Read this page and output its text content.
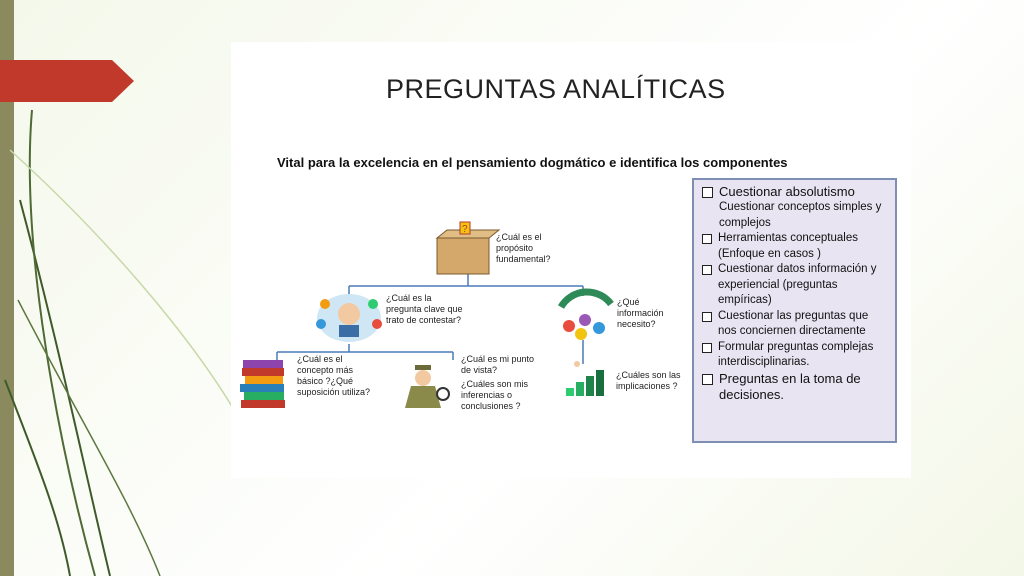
PREGUNTAS ANALÍTICAS
Vital para la excelencia en el pensamiento dogmático e identifica los componentes
?
¿Cuál es el propósito fundamental?
¿Cuál es la pregunta clave que trato de contestar?
¿Qué información necesito?
¿Cuál es el concepto más básico ?¿Qué suposición utiliza?
¿Cuál es mi punto de vista?
¿Cuáles son mis inferencias o conclusiones ?
¿Cuáles son las implicaciones ?
Cuestionar absolutismo
Cuestionar conceptos simples y complejos
Herramientas conceptuales (Enfoque en casos )
Cuestionar datos información y experiencial (preguntas empíricas)
Cuestionar las preguntas que nos conciernen directamente
Formular preguntas complejas interdisciplinarias.
Preguntas en la toma de decisiones.
